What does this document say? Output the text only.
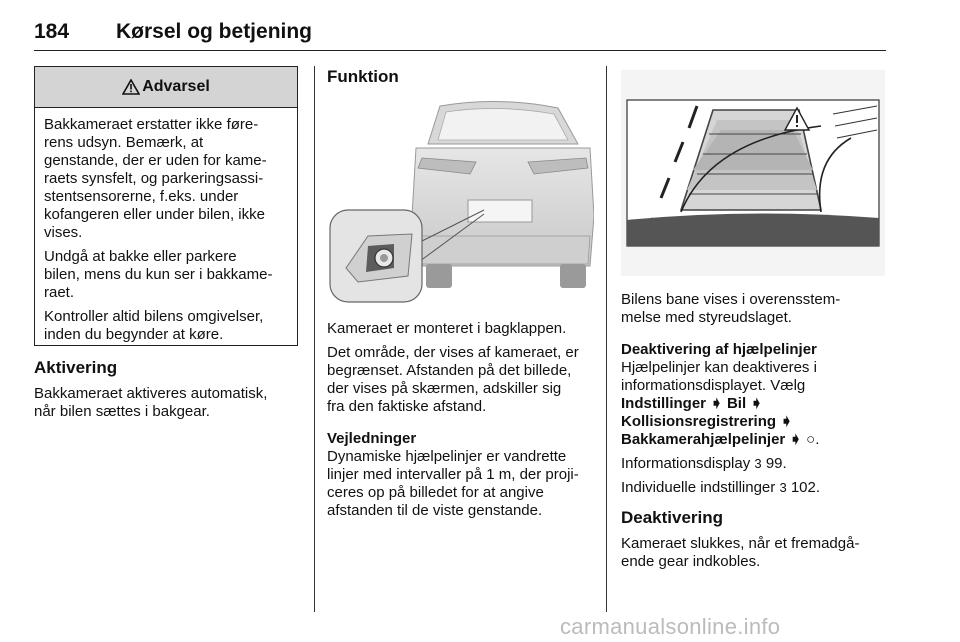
184 Kørsel og betjening
Advarsel

Bakkameraet erstatter ikke føre-
rens udsyn. Bemærk, at
genstande, der er uden for kame-
raets synsfelt, og parkeringsassi-
stentsensorerne, f.eks. under
kofangeren eller under bilen, ikke
vises.

Undgå at bakke eller parkere
bilen, mens du kun ser i bakkame-
raet.

Kontroller altid bilens omgivelser,
inden du begynder at køre.

Aktivering

Bakkameraet aktiveres automatisk,
når bilen sættes i bakgear.

Funktion

Kameraet er monteret i bagklappen.

Det område, der vises af kameraet, er
begrænset. Afstanden på det billede,
der vises på skærmen, adskiller sig
fra den faktiske afstand.

Vejledninger

Dynamiske hjælpelinjer er vandrette
linjer med intervaller på 1 m, der proji-
ceres op på billedet for at angive
afstanden til de viste genstande.

Bilens bane vises i overensstem-
melse med styreudslaget.

Deaktivering af hjælpelinjer

Hjælpelinjer kan deaktiveres i
informationsdisplayet. Vælg
Indstillinger ➧ Bil ➧
Kollisionsregistrering ➧
Bakkamerahjælpelinjer ➧ ○.

Informationsdisplay 3 99.

Individuelle indstillinger 3 102.

Deaktivering

Kameraet slukkes, når et fremadgå-
ende gear indkobles.

carmanualsonline.info
